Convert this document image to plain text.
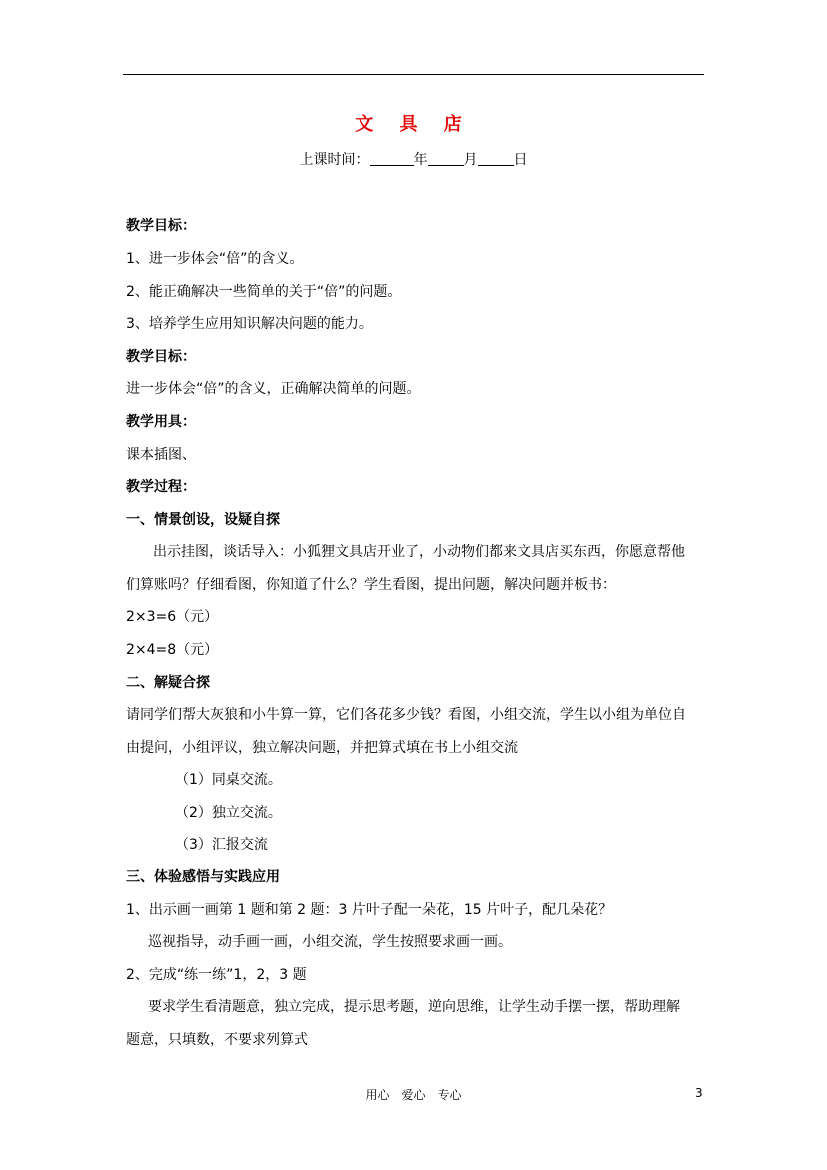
文 具 店
上课时间：	年	月	日
教学目标：
1、进一步体会“倍”的含义。
2、能正确解决一些简单的关于“倍”的问题。
3、培养学生应用知识解决问题的能力。
教学目标：
进一步体会“倍”的含义，正确解决简单的问题。
教学用具：
课本插图、
教学过程：
一、情景创设，设疑自探
出示挂图，谈话导入：小狐狸文具店开业了，小动物们都来文具店买东西，你愿意帮他
们算账吗？仔细看图，你知道了什么？学生看图，提出问题，解决问题并板书：
2×3=6（元）
2×4=8（元）
二、解疑合探
请同学们帮大灰狼和小牛算一算，它们各花多少钱？看图，小组交流，学生以小组为单位自
由提问，小组评议，独立解决问题，并把算式填在书上小组交流
（1）同桌交流。
（2）独立交流。
（3）汇报交流
三、体验感悟与实践应用
1、出示画一画第 1 题和第 2 题：3 片叶子配一朵花，15 片叶子，配几朵花？
巡视指导，动手画一画，小组交流，学生按照要求画一画。
2、完成“练一练”1，2，3 题
要求学生看清题意，独立完成，提示思考题，逆向思维，让学生动手摆一摆，帮助理解
题意，只填数，不要求列算式
用心　爱心　专心	3
